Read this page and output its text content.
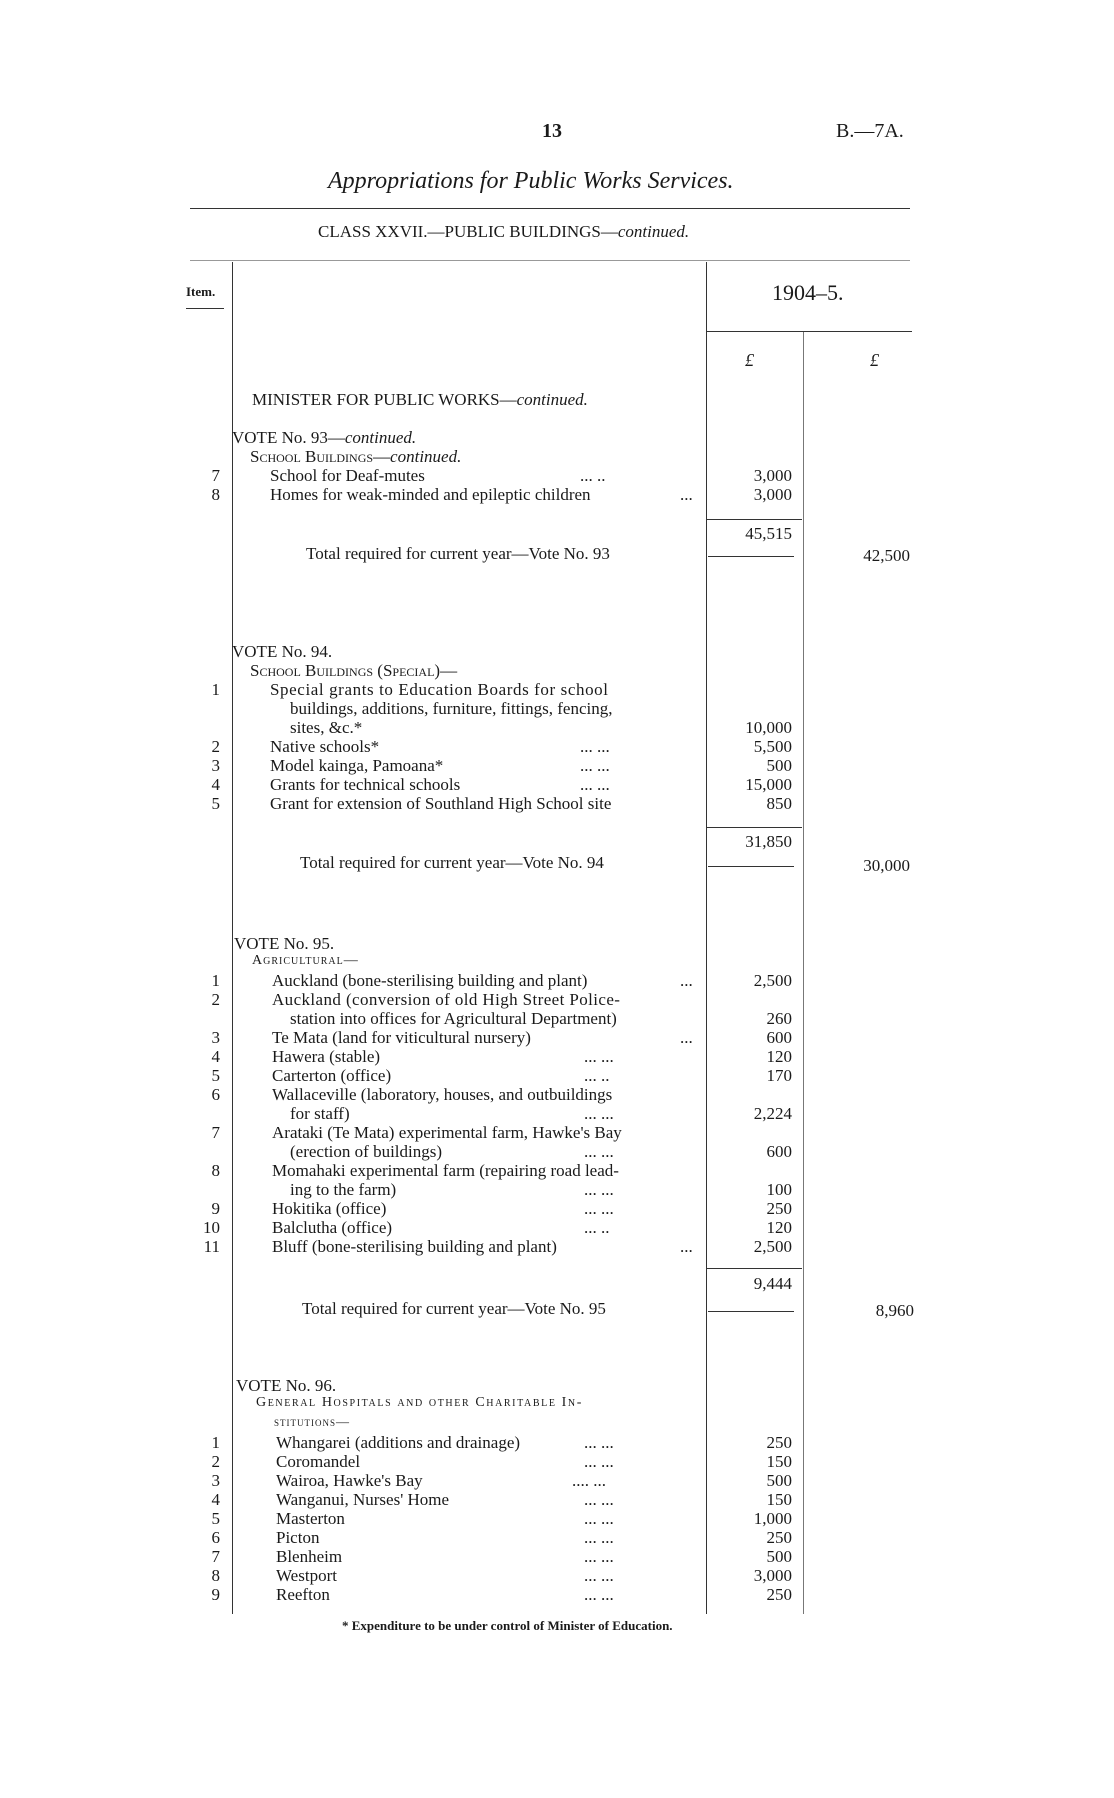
13	B.—7A.
Appropriations for Public Works Services.
CLASS XXVII.—PUBLIC BUILDINGS—continued.
Item.	1904–5.
£	£
MINISTER FOR PUBLIC WORKS—continued.
VOTE No. 93—continued.
School Buildings—continued.
7	School for Deaf-mutes	... ..	3,000
8	Homes for weak-minded and epileptic children	...	3,000
45,515
Total required for current year—Vote No. 93	42,500
VOTE No. 94.
School Buildings (Special)—
1	Special grants to Education Boards for school
buildings, additions, furniture, fittings, fencing,
sites, &c.*	10,000
2	Native schools*	... ...	5,500
3	Model kainga, Pamoana*	... ...	500
4	Grants for technical schools	... ...	15,000
5	Grant for extension of Southland High School site	850
31,850
Total required for current year—Vote No. 94	30,000
VOTE No. 95.
Agricultural—
1	Auckland (bone-sterilising building and plant)	...	2,500
2	Auckland (conversion of old High Street Police-
station into offices for Agricultural Department)	260
3	Te Mata (land for viticultural nursery)	...	600
4	Hawera (stable)	... ...	120
5	Carterton (office)	... ..	170
6	Wallaceville (laboratory, houses, and outbuildings
for staff)	... ...	2,224
7	Arataki (Te Mata) experimental farm, Hawke's Bay
(erection of buildings)	... ...	600
8	Momahaki experimental farm (repairing road lead-
ing to the farm)	... ...	100
9	Hokitika (office)	... ...	250
10	Balclutha (office)	... ..	120
11	Bluff (bone-sterilising building and plant)	...	2,500
9,444
Total required for current year—Vote No. 95	8,960
VOTE No. 96.
General Hospitals and other Charitable In-
stitutions—
1	Whangarei (additions and drainage)	... ...	250
2	Coromandel	... ...	150
3	Wairoa, Hawke's Bay	.... ...	500
4	Wanganui, Nurses' Home	... ...	150
5	Masterton	... ...	1,000
6	Picton	... ...	250
7	Blenheim	... ...	500
8	Westport	... ...	3,000
9	Reefton	... ...	250
* Expenditure to be under control of Minister of Education.
